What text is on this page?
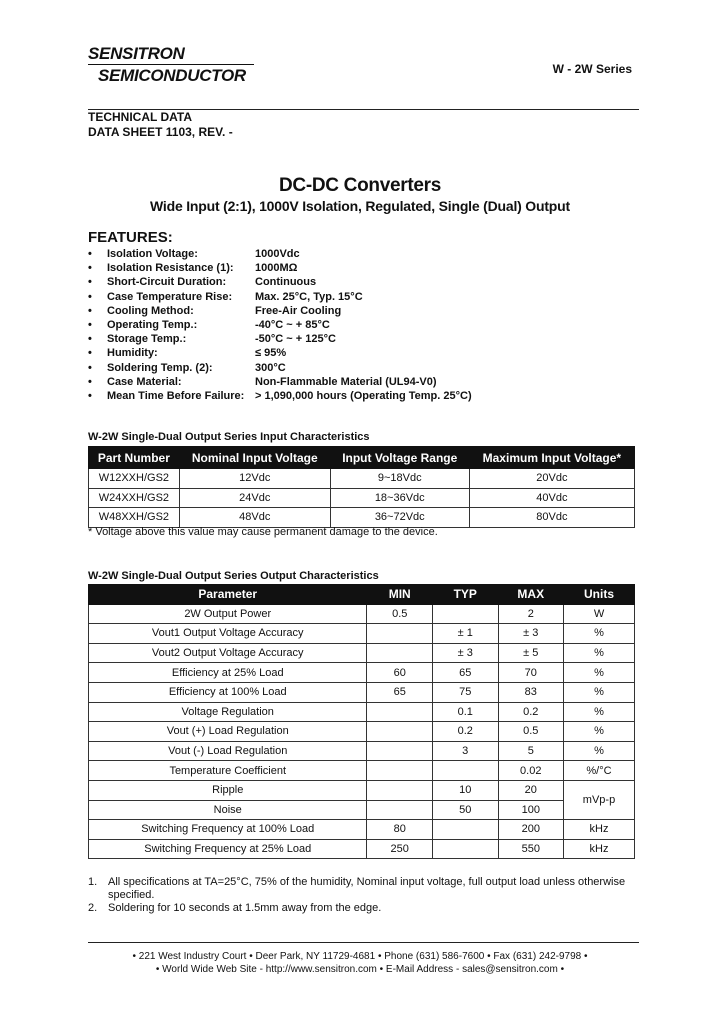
SENSITRON
SEMICONDUCTOR	W - 2W Series
TECHNICAL DATA
DATA SHEET 1103, REV. -
DC-DC Converters
Wide Input (2:1), 1000V Isolation, Regulated, Single (Dual) Output
FEATURES:
• Isolation Voltage:	1000Vdc
• Isolation Resistance (1): 1000MΩ
• Short-Circuit Duration:	Continuous
• Case Temperature Rise: Max. 25°C, Typ. 15°C
• Cooling Method:	Free-Air Cooling
• Operating Temp.:	-40°C ~ + 85°C
• Storage Temp.:	-50°C ~ + 125°C
• Humidity:	≤ 95%
• Soldering Temp. (2):	300°C
• Case Material:	Non-Flammable Material (UL94-V0)
• Mean Time Before Failure: > 1,090,000 hours (Operating Temp. 25°C)
W-2W Single-Dual Output Series Input Characteristics
Part Number	Nominal Input Voltage	Input Voltage Range	Maximum Input Voltage*
W12XXH/GS2	12Vdc	9~18Vdc	20Vdc
W24XXH/GS2	24Vdc	18~36Vdc	40Vdc
W48XXH/GS2	48Vdc	36~72Vdc	80Vdc
* Voltage above this value may cause permanent damage to the device.
W-2W Single-Dual Output Series Output Characteristics
Parameter	MIN	TYP	MAX	Units
2W Output Power	0.5		2	W
Vout1 Output Voltage Accuracy		± 1	± 3	%
Vout2 Output Voltage Accuracy		± 3	± 5	%
Efficiency at 25% Load	60	65	70	%
Efficiency at 100% Load	65	75	83	%
Voltage Regulation		0.1	0.2	%
Vout (+) Load Regulation		0.2	0.5	%
Vout (-) Load Regulation		3	5	%
Temperature Coefficient			0.02	%/°C
Ripple		10	20	mVp-p
Noise		50	100	
Switching Frequency at 100% Load	80		200	kHz
Switching Frequency at 25% Load	250		550	kHz
1. All specifications at TA=25°C, 75% of the humidity, Nominal input voltage, full output load unless otherwise specified.
2. Soldering for 10 seconds at 1.5mm away from the edge.
• 221 West Industry Court • Deer Park, NY 11729-4681 • Phone (631) 586-7600 • Fax (631) 242-9798 •
• World Wide Web Site - http://www.sensitron.com • E-Mail Address - sales@sensitron.com •
